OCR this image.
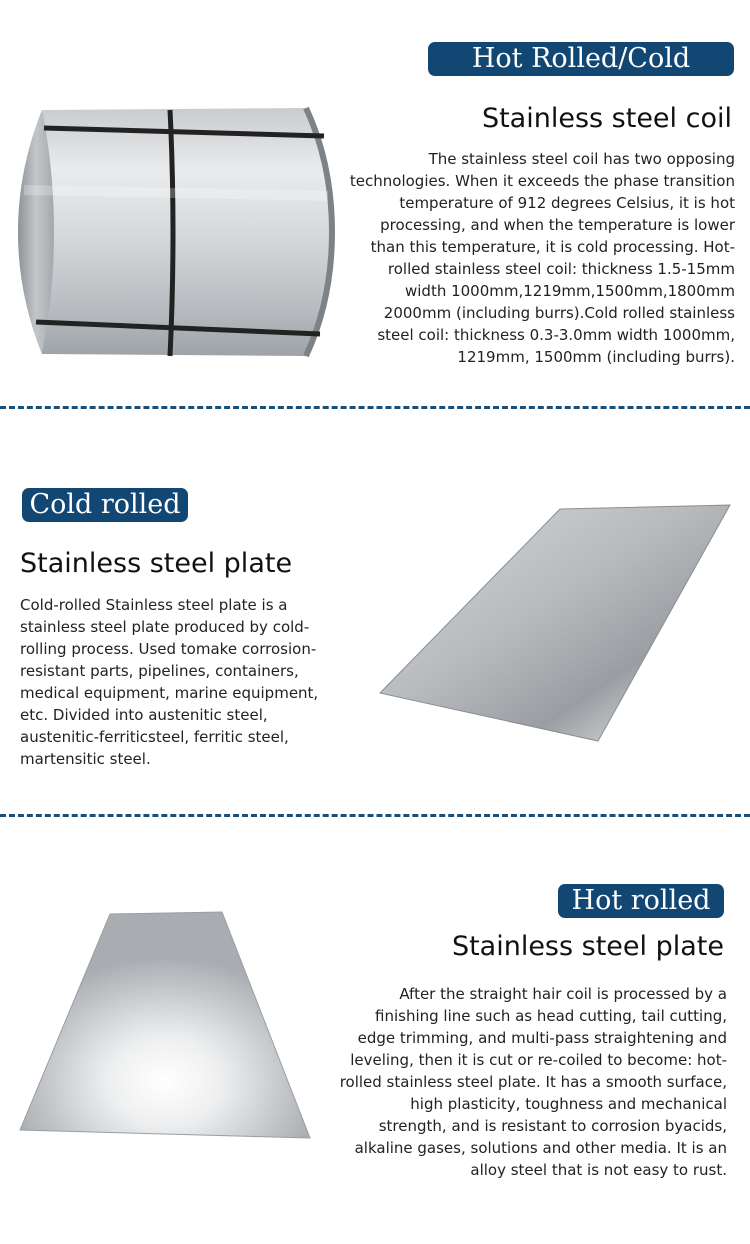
Hot Rolled/Cold rolled
Stainless steel coil
The stainless steel coil has two opposing technologies. When it exceeds the phase transition temperature of 912 degrees Celsius, it is hot processing, and when the temperature is lower than this temperature, it is cold processing. Hot-rolled stainless steel coil: thickness 1.5-15mm width 1000mm,1219mm,1500mm,1800mm 2000mm (including burrs).Cold rolled stainless steel coil: thickness 0.3-3.0mm width 1000mm, 1219mm, 1500mm (including burrs).
Cold rolled
Stainless steel plate
Cold-rolled Stainless steel plate is a stainless steel plate produced by cold-rolling process. Used tomake corrosion-resistant parts, pipelines, containers, medical equipment, marine equipment, etc. Divided into austenitic steel, austenitic-ferriticsteel, ferritic steel, martensitic steel.
Hot rolled
Stainless steel plate
After the straight hair coil is processed by a finishing line such as head cutting, tail cutting, edge trimming, and multi-pass straightening and leveling, then it is cut or re-coiled to become: hot-rolled stainless steel plate. It has a smooth surface, high plasticity, toughness and mechanical strength, and is resistant to corrosion byacids, alkaline gases, solutions and other media. It is an alloy steel that is not easy to rust.
